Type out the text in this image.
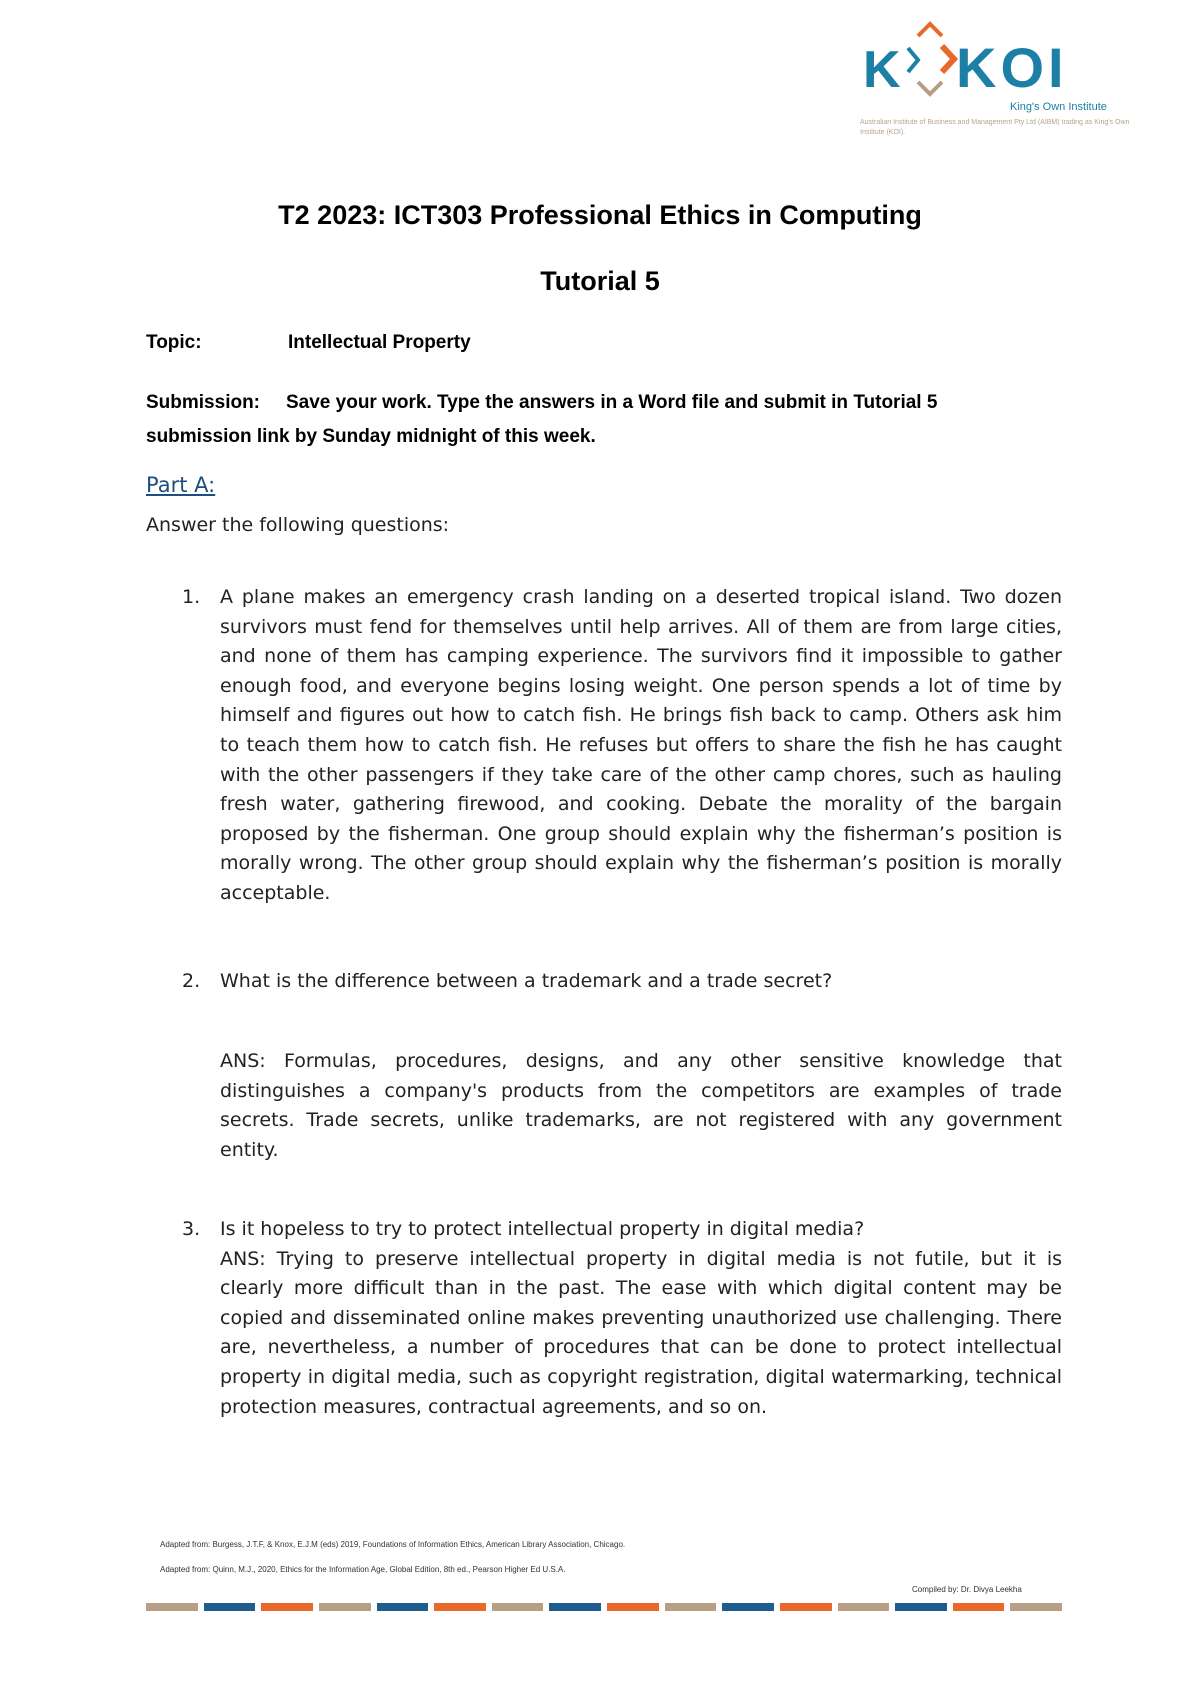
K KOI
King's Own Institute
Australian Institute of Business and Management Pty Ltd (AIBM) trading as King's Own Institute (KOI).
T2 2023: ICT303 Professional Ethics in Computing
Tutorial 5
Topic:	Intellectual Property
Submission: Save your work. Type the answers in a Word file and submit in Tutorial 5 submission link by Sunday midnight of this week.
Part A:
Answer the following questions:
1. A plane makes an emergency crash landing on a deserted tropical island. Two dozen survivors must fend for themselves until help arrives. All of them are from large cities, and none of them has camping experience. The survivors find it impossible to gather enough food, and everyone begins losing weight. One person spends a lot of time by himself and figures out how to catch fish. He brings fish back to camp. Others ask him to teach them how to catch fish. He refuses but offers to share the fish he has caught with the other passengers if they take care of the other camp chores, such as hauling fresh water, gathering firewood, and cooking. Debate the morality of the bargain proposed by the fisherman. One group should explain why the fisherman’s position is morally wrong. The other group should explain why the fisherman’s position is morally acceptable.

2. What is the difference between a trademark and a trade secret?

ANS: Formulas, procedures, designs, and any other sensitive knowledge that distinguishes a company's products from the competitors are examples of trade secrets. Trade secrets, unlike trademarks, are not registered with any government entity.
3. Is it hopeless to try to protect intellectual property in digital media?

ANS: Trying to preserve intellectual property in digital media is not futile, but it is clearly more difficult than in the past. The ease with which digital content may be copied and disseminated online makes preventing unauthorized use challenging. There are, nevertheless, a number of procedures that can be done to protect intellectual property in digital media, such as copyright registration, digital watermarking, technical protection measures, contractual agreements, and so on.

Adapted from: Burgess, J.T.F, & Knox, E.J.M (eds) 2019, Foundations of Information Ethics, American Library Association, Chicago.
Adapted from: Quinn, M.J., 2020, Ethics for the Information Age, Global Edition, 8th ed., Pearson Higher Ed U.S.A.
Compiled by: Dr. Divya Leekha
